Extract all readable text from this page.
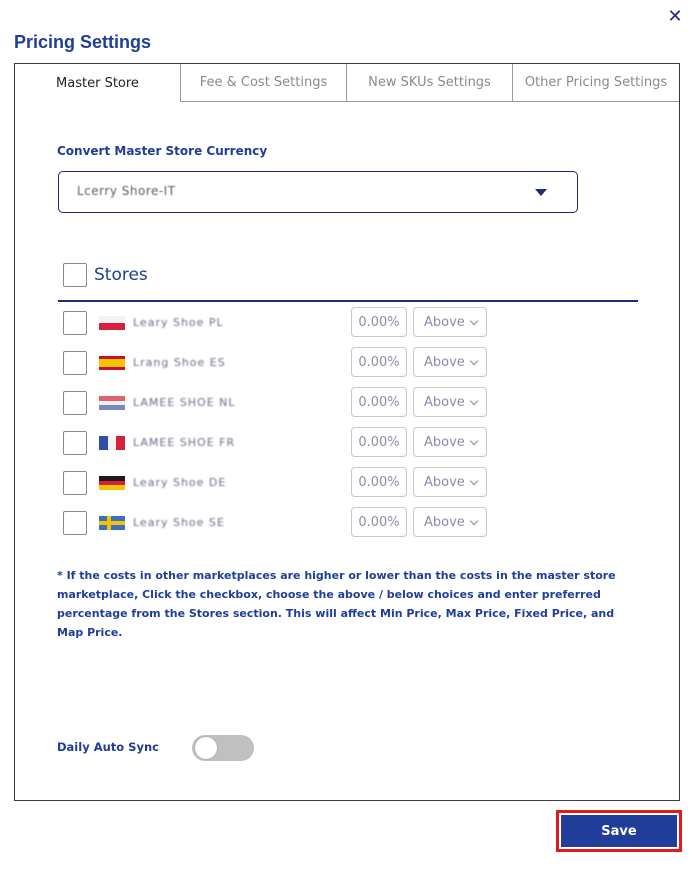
✕
Pricing Settings
Master Store	Fee & Cost Settings	New SKUs Settings	Other Pricing Settings
Convert Master Store Currency
Lcerry Shore-IT
Stores
Leary Shoe PL	0.00%	Above
Lrang Shoe ES	0.00%	Above
LAMEE SHOE NL	0.00%	Above
LAMEE SHOE FR	0.00%	Above
Leary Shoe DE	0.00%	Above
Leary Shoe SE	0.00%	Above
* If the costs in other marketplaces are higher or lower than the costs in the master store marketplace, Click the checkbox, choose the above / below choices and enter preferred percentage from the Stores section. This will affect Min Price, Max Price, Fixed Price, and Map Price.
Daily Auto Sync
Save
